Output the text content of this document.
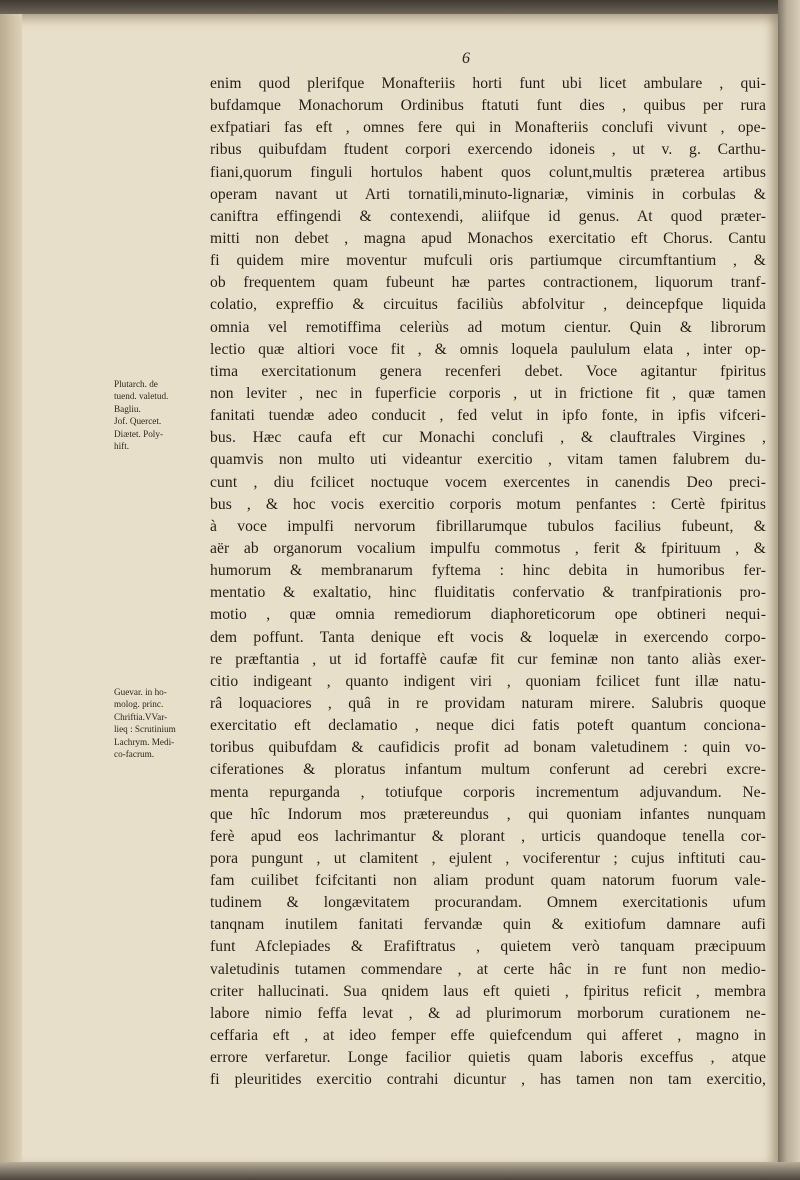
6
enim quod plerifque Monafteriis horti funt ubi licet ambulare , qui-
bufdamque Monachorum Ordinibus ftatuti funt dies , quibus per rura
exfpatiari fas eft , omnes fere qui in Monafteriis conclufi vivunt , ope-
ribus quibufdam ftudent corpori exercendo idoneis , ut v. g. Carthu-
fiani,quorum finguli hortulos habent quos colunt,multis prætereа artibus
operam navant ut Arti tornatili,minuto-lignariæ, viminis in corbulas &
caniftra effingendi & contexendi, aliifque id genus. At quod præter-
mitti non debet , magna apud Monachos exercitatio eft Chorus. Cantu
fi quidem mire moventur mufculi oris partiumque circumftantium , &
ob frequentem quam fubeunt hæ partes contractionem, liquorum tranf-
colatio, expreffio & circuitus faciliùs abfolvitur , deincepfque liquida
omnia vel remotiffima celeriùs ad motum cientur. Quin & librorum
lectio quæ altiori voce fit , & omnis loquela paululum elata , inter op-
tima exercitationum genera recenferi debet. Voce agitantur fpiritus
non leviter , nec in fuperficie corporis , ut in frictione fit , quæ tamen
fanitati tuendæ adeo conducit , fed velut in ipfo fonte, in ipfis vifceri-
bus. Hæc caufa eft cur Monachi conclufi , & clauftrales Virgines ,
quamvis non multo uti videantur exercitio , vitam tamen falubrem du-
cunt , diu fcilicet noctuque vocem exercentes in canendis Deo preci-
bus , & hoc vocis exercitio corporis motum penfantes : Certè fpiritus
à voce impulfi nervorum fibrillarumque tubulos facilius fubeunt, &
aër ab organorum vocalium impulfu commotus , ferit & fpirituum , &
humorum & membranarum fyftema : hinc debita in humoribus fer-
mentatio & exaltatio, hinc fluiditatis confervatio & tranfpirationis pro-
motio , quæ omnia remediorum diaphoreticorum ope obtineri nequi-
dem poffunt. Tanta denique eft vocis & loquelæ in exercendo corpo-
re præftantia , ut id fortaffè caufæ fit cur feminæ non tanto aliàs exer-
citio indigeant , quanto indigent viri , quoniam fcilicet funt illæ natu-
râ loquaciores , quâ in re providam naturam mirere. Salubris quoque
exercitatio eft declamatio , neque dici fatis poteft quantum conciona-
toribus quibufdam & caufidicis profit ad bonam valetudinem : quin vo-
ciferationes & ploratus infantum multum conferunt ad cerebri excre-
menta repurganda , totiufque corporis incrementum adjuvandum. Ne-
que hîc Indorum mos prætereundus , qui quoniam infantes nunquam
ferè apud eos lachrimantur & plorant , urticis quandoque tenella cor-
pora pungunt , ut clamitent , ejulent , vociferentur ; cujus inftituti cau-
fam cuilibet fcifcitanti non aliam produnt quam natorum fuorum vale-
tudinem & longævitatem procurandam. Omnem exercitationis ufum
tanqnam inutilem fanitati fervandæ quin & exitiofum damnare aufi
funt Afclepiades & Erafiftratus , quietem verò tanquam præcipuum
valetudinis tutamen commendare , at certe hâc in re funt non medio-
criter hallucinati. Sua qnidem laus eft quieti , fpiritus reficit , membra
labore nimio feffa levat , & ad plurimorum morborum curationem ne-
ceffaria eft , at ideo femper effe quiefcendum qui afferet , magno in
errore verfaretur. Longe facilior quietis quam laboris exceffus , atque
fi pleuritides exercitio contrahi dicuntur , has tamen non tam exercitio,
Plutarch. de
tuend. valetud.
Bagliu.
Jof. Quercet.
Diætet. Poly-
hift.
Guevar. in ho-
molog. princ.
Chriftia.VVar-
lieq : Scrutinium
Lachrym. Medi-
co-facrum.
